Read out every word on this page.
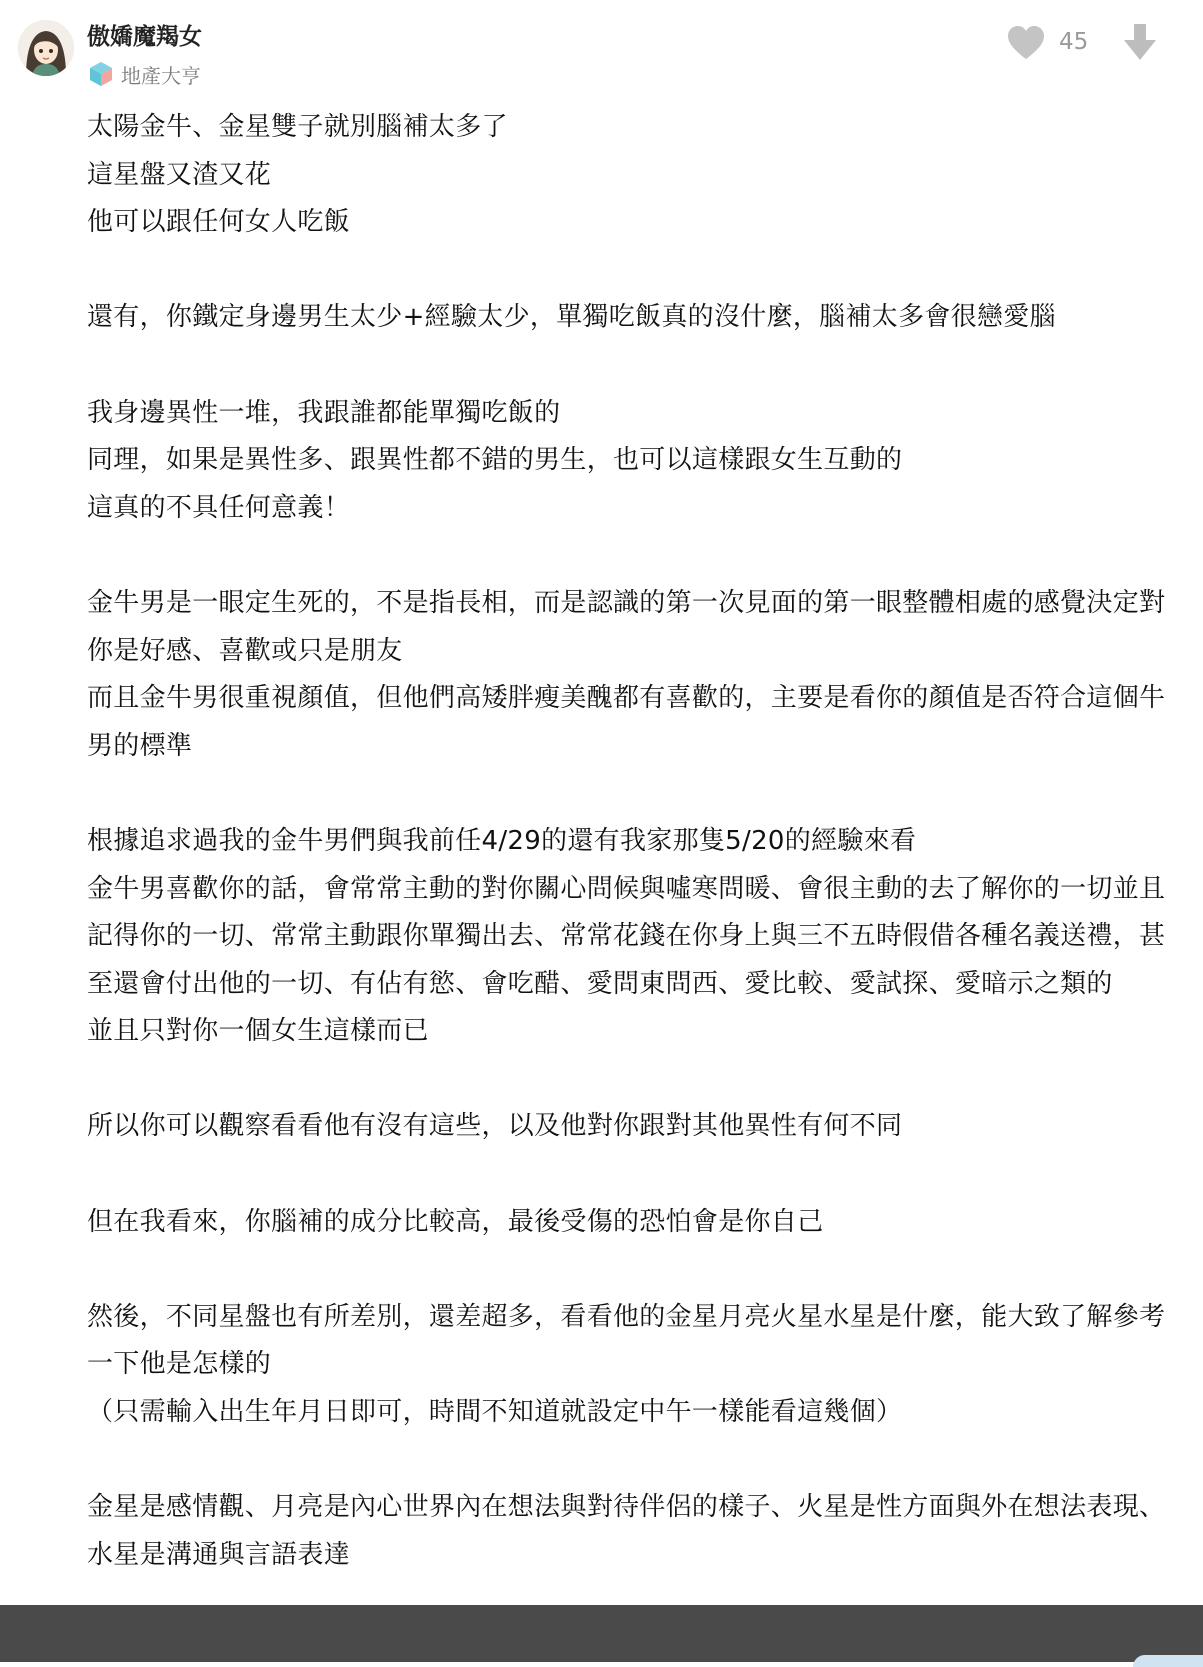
傲嬌魔羯女
地產大亨
45

太陽金牛、金星雙子就別腦補太多了

這星盤又渣又花

他可以跟任何女人吃飯

還有，你鐵定身邊男生太少+經驗太少，單獨吃飯真的沒什麼，腦補太多會很戀愛腦

我身邊異性一堆，我跟誰都能單獨吃飯的

同理，如果是異性多、跟異性都不錯的男生，也可以這樣跟女生互動的

這真的不具任何意義！

金牛男是一眼定生死的，不是指長相，而是認識的第一次見面的第一眼整體相處的感覺決定對你是好感、喜歡或只是朋友

而且金牛男很重視顏值，但他們高矮胖瘦美醜都有喜歡的，主要是看你的顏值是否符合這個牛男的標準

根據追求過我的金牛男們與我前任4/29的還有我家那隻5/20的經驗來看

金牛男喜歡你的話，會常常主動的對你關心問候與噓寒問暖、會很主動的去了解你的一切並且記得你的一切、常常主動跟你單獨出去、常常花錢在你身上與三不五時假借各種名義送禮，甚至還會付出他的一切、有佔有慾、會吃醋、愛問東問西、愛比較、愛試探、愛暗示之類的

並且只對你一個女生這樣而已

所以你可以觀察看看他有沒有這些，以及他對你跟對其他異性有何不同

但在我看來，你腦補的成分比較高，最後受傷的恐怕會是你自己

然後，不同星盤也有所差別，還差超多，看看他的金星月亮火星水星是什麼，能大致了解參考一下他是怎樣的

（只需輸入出生年月日即可，時間不知道就設定中午一樣能看這幾個）

金星是感情觀、月亮是內心世界內在想法與對待伴侶的樣子、火星是性方面與外在想法表現、水星是溝通與言語表達
